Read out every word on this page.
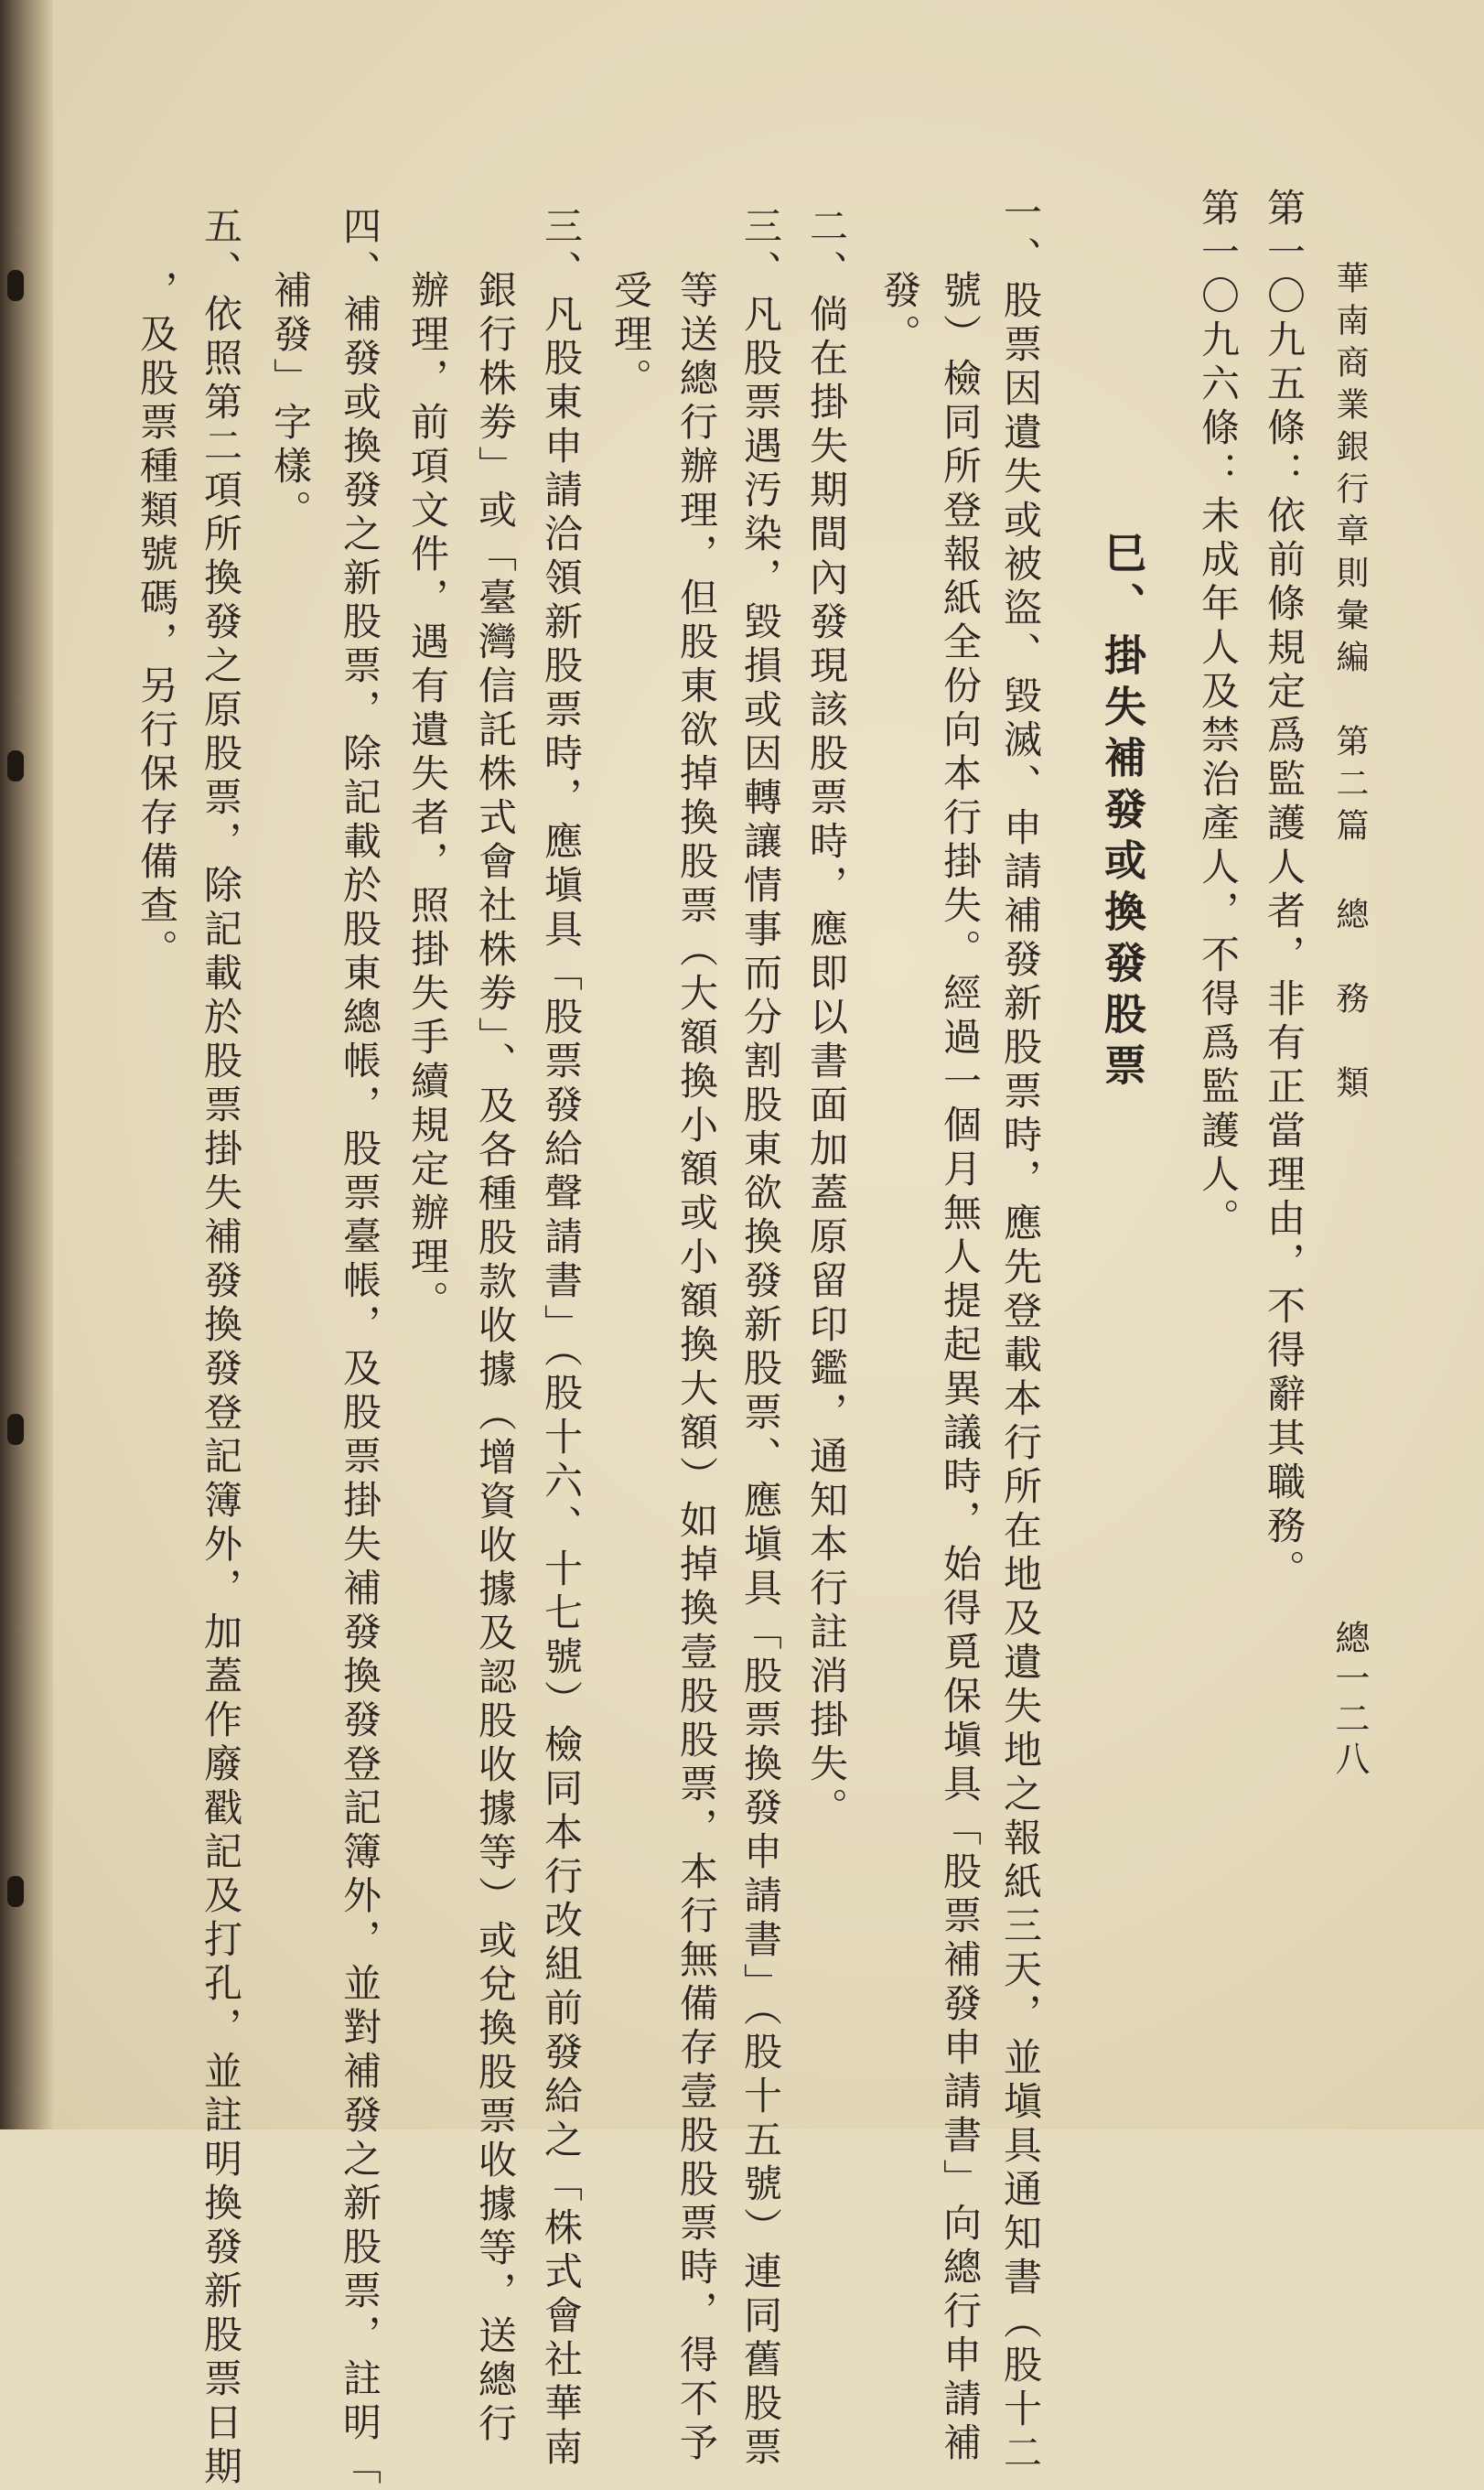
華南商業銀行章則彙編　第二篇 總　務　類
總一二八
第一〇九五條：依前條規定爲監護人者，非有正當理由，不得辭其職務。
第一〇九六條：未成年人及禁治產人，不得爲監護人。
巳、掛失補發或換發股票
一、股票因遺失或被盜、毀滅、申請補發新股票時，應先登載本行所在地及遺失地之報紙三天，並塡具通知書（股十二
號）檢同所登報紙全份向本行掛失。經過一個月無人提起異議時，始得覓保塡具「股票補發申請書」向總行申請補
發。
二、倘在掛失期間內發現該股票時，應即以書面加蓋原留印鑑，通知本行註消掛失。
三、凡股票遇汚染，毀損或因轉讓情事而分割股東欲換發新股票、應塡具「股票換發申請書」（股十五號）連同舊股票
等送總行辦理，但股東欲掉換股票（大額換小額或小額換大額）如掉換壹股股票，本行無備存壹股股票時，得不予
受理。
三、凡股東申請洽領新股票時，應塡具「股票發給聲請書」（股十六、十七號）檢同本行改組前發給之「株式會社華南
銀行株劵」或「臺灣信託株式會社株劵」、及各種股款收據（增資收據及認股收據等）或兌換股票收據等，送總行
辦理，前項文件，遇有遺失者，照掛失手續規定辦理。
四、補發或換發之新股票，除記載於股東總帳，股票臺帳，及股票掛失補發換發登記簿外，並對補發之新股票，註明「
補發」字樣。
五、依照第二項所換發之原股票，除記載於股票掛失補發換發登記簿外，加蓋作廢戳記及打孔，並註明換發新股票日期
，及股票種類號碼，另行保存備查。
